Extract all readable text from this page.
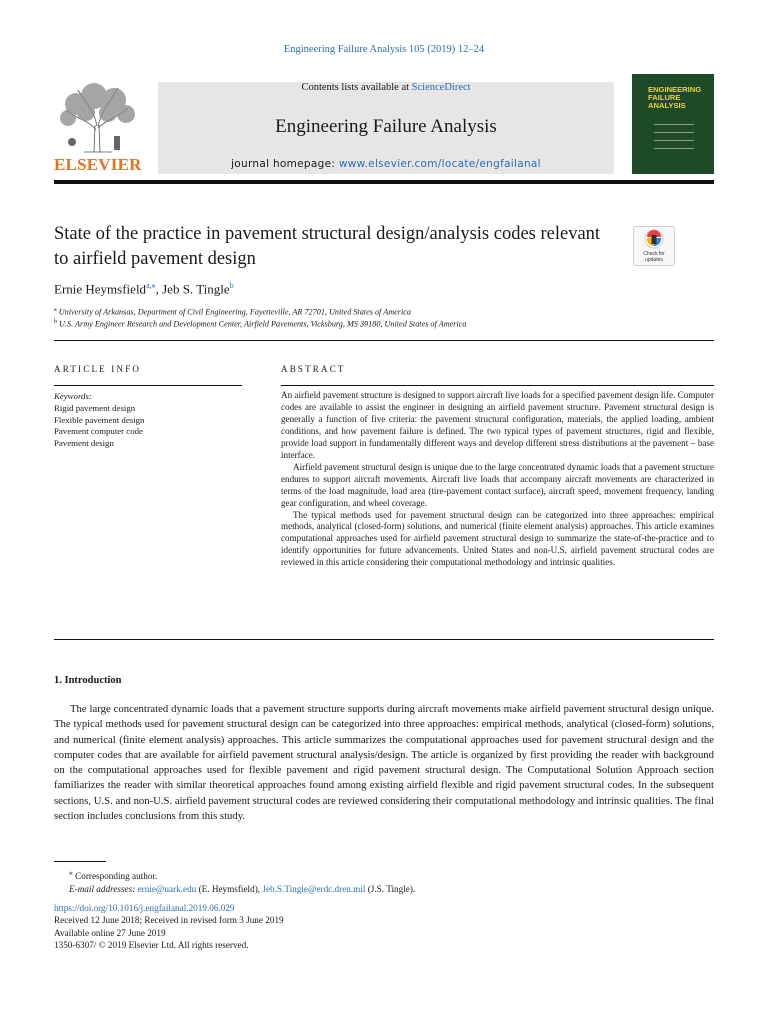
Engineering Failure Analysis 105 (2019) 12–24
ELSEVIER
Contents lists available at ScienceDirect
Engineering Failure Analysis
journal homepage: www.elsevier.com/locate/engfailanal
ENGINEERING FAILURE ANALYSIS
State of the practice in pavement structural design/analysis codes relevant to airfield pavement design	Check for updates
Ernie Heymsfield$^{a,⁎}$, Jeb S. Tingle$^b$
$^a$ University of Arkansas, Department of Civil Engineering, Fayetteville, AR 72701, United States of America
$^b$ U.S. Army Engineer Research and Development Center, Airfield Pavements, Vicksburg, MS 39180, United States of America
ARTICLE INFO
Keywords:
Rigid pavement design
Flexible pavement design
Pavement computer code
Pavement design
ABSTRACT

An airfield pavement structure is designed to support aircraft live loads for a specified pavement design life. Computer codes are available to assist the engineer in designing an airfield pavement structure. Pavement structural design is generally a function of five criteria: the pavement structural configuration, materials, the applied loading, ambient conditions, and how pavement failure is defined. The two typical types of pavement structures, rigid and flexible, provide load support in fundamentally different ways and develop different stress distributions at the pavement – base interface.

Airfield pavement structural design is unique due to the large concentrated dynamic loads that a pavement structure endures to support aircraft movements. Aircraft live loads that accompany aircraft movements are characterized in terms of the load magnitude, load area (tire-pavement contact surface), aircraft speed, movement frequency, landing gear configuration, and wheel coverage.

The typical methods used for pavement structural design can be categorized into three approaches: empirical methods, analytical (closed-form) solutions, and numerical (finite element analysis) approaches. This article examines computational approaches used for airfield pavement structural design to summarize the state-of-the-practice and to identify opportunities for future advancements. United States and non-U.S. airfield pavement structural codes are reviewed in this article considering their computational methodology and intrinsic qualities.

1. Introduction
The large concentrated dynamic loads that a pavement structure supports during aircraft movements make airfield pavement structural design unique. The typical methods used for pavement structural design can be categorized into three approaches: empirical methods, analytical (closed-form) solutions, and numerical (finite element analysis) approaches. This article summarizes the computational approaches used for pavement structural design and the computer codes that are available for airfield pavement structural analysis/design. The article is organized by first providing the reader with background on the computational approaches used for flexible pavement and rigid pavement structural design. The Computational Solution Approach section familiarizes the reader with similar theoretical approaches found among existing airfield flexible and rigid pavement structural codes. In the subsequent sections, U.S. and non-U.S. airfield pavement structural codes are reviewed considering their computational methodology and intrinsic qualities. The final section includes conclusions from this study.
⁎ Corresponding author.
E-mail addresses: ernie@uark.edu (E. Heymsfield), Jeb.S.Tingle@erdc.dren.mil (J.S. Tingle).
https://doi.org/10.1016/j.engfailanal.2019.06.029
Received 12 June 2018; Received in revised form 3 June 2019
Available online 27 June 2019
1350-6307/ © 2019 Elsevier Ltd. All rights reserved.
